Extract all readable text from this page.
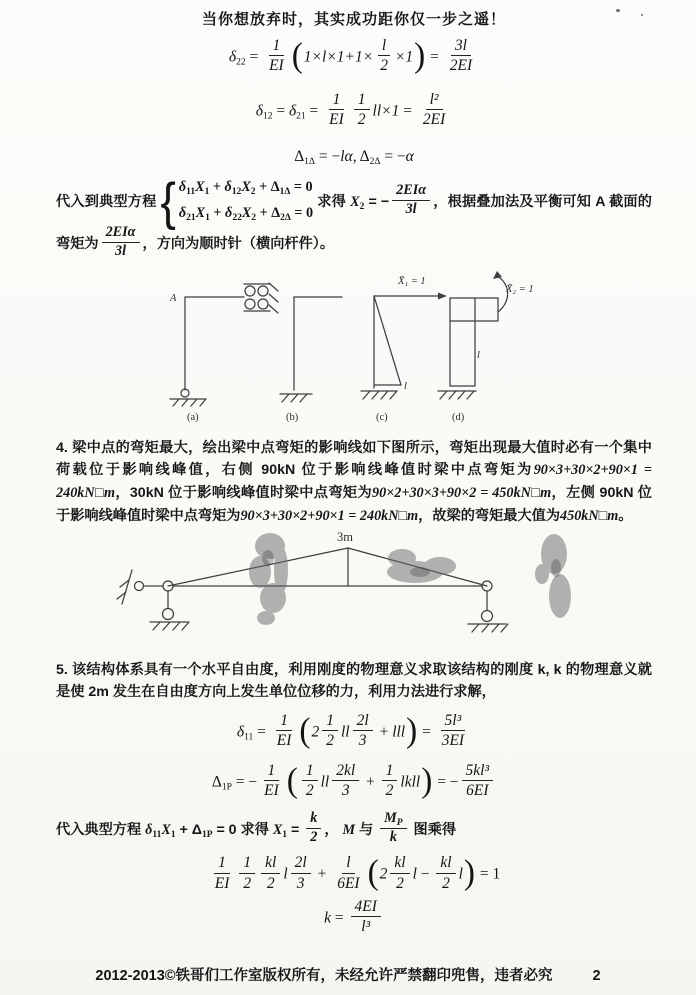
当你想放弃时，其实成功距你仅一步之遥！
$\delta_{22} = \frac{1}{EI} (1\times l\times 1+1\times \frac{l}{2} \times 1) = \frac{3l}{2EI}$
$\delta_{12} = \delta_{21} = \frac{1}{EI} \frac{1}{2} ll\times 1 = \frac{\text{l²}}{2EI}$
$\Delta_{1\Delta} = -l\alpha$, $\Delta_{2\Delta} = -\alpha$
代入到典型方程 { $\delta_{11}X_1 + \delta_{12}X_2 + \Delta_{1\Delta} = 0$
$\delta_{21}X_1 + \delta_{22}X_2 + \Delta_{2\Delta} = 0$
求得 $X_2$ = − $\frac{\text{2EIα}}{3l}$ ，根据叠加法及平衡可知 A 截面的弯矩为 $\frac{\text{2EIα}}{3l}$ ，方向为顺时针（横向杆件）。
A
(a)	(b)
X̄₁ = 1
l
(c)
l
X̄₂ = 1
(d)
4. 梁中点的弯矩最大，绘出梁中点弯矩的影响线如下图所示，弯矩出现最大值时必有一个集中荷载位于影响线峰值，右侧 90kN 位于影响线峰值时梁中点弯矩为90×3+30×2+90×1 = 240kN□m，30kN 位于影响线峰值时梁中点弯矩为90×2+30×3+90×2 = 450kN□m，左侧 90kN 位于影响线峰值时梁中点弯矩为90×3+30×2+90×1 = 240kN□m，故梁的弯矩最大值为450kN□m。
3m
5. 该结构体系具有一个水平自由度，利用刚度的物理意义求取该结构的刚度 k, k 的物理意义就是使 2m 发生在自由度方向上发生单位位移的力，利用力法进行求解，
$\delta_{11} = \frac{1}{EI} (2 \frac{1}{2}$ ll $\frac{2l}{3} + lll) = \frac{\text{5l³}}{3EI}$
$\Delta_{1P}$ = − $\frac{1}{EI}$ ( $\frac{1}{2}$ ll $\frac{2kl}{3} + \frac{1}{2}$ lkll) = − $\frac{\text{5kl³}}{6EI}$
代入典型方程 $\delta_{11}X_1 + \Delta_{1P} = 0$ 求得 $X_1 = \frac{k}{2}$ ， M 与 $\frac{M_P}{k}$ 图乘得
$\frac{1}{EI} \frac{1}{2} \frac{kl}{2}$ l $\frac{2l}{3} + \frac{l}{6EI} (2 \frac{kl}{2}$ $l - \frac{kl}{2} l) = 1$
$k = \frac{4EI}{\text{l³}}$
2012-2013©铁哥们工作室版权所有，未经允许严禁翻印兜售，违者必究	2
